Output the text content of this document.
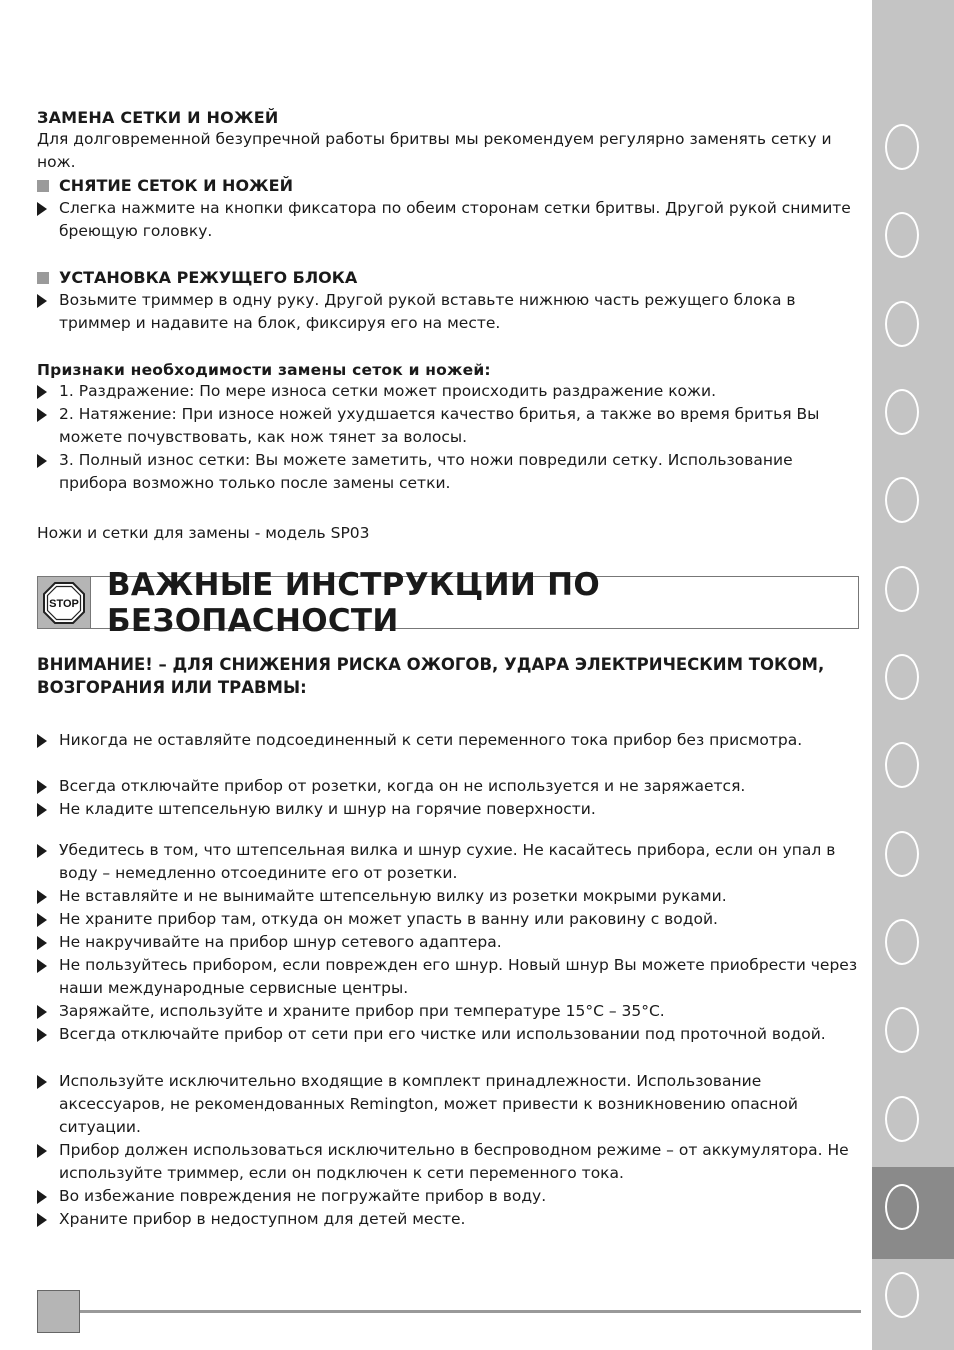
ЗАМЕНА СЕТКИ И НОЖЕЙ

Для долговременной безупречной работы бритвы мы рекомендуем регулярно заменять сетку и нож.

СНЯТИЕ СЕТОК И НОЖЕЙ
Слегка нажмите на кнопки фиксатора по обеим сторонам сетки бритвы. Другой рукой снимите бреющую головку.
УСТАНОВКА РЕЖУЩЕГО БЛОКА
Возьмите триммер в одну руку. Другой рукой вставьте нижнюю часть режущего блока в триммер и надавите на блок, фиксируя его на месте.

Признаки необходимости замены сеток и ножей:

1. Раздражение: По мере износа сетки может происходить раздражение кожи.
2. Натяжение: При износе ножей ухудшается качество бритья, а также во время бритья Вы можете почувствовать, как нож тянет за волосы.
3. Полный износ сетки: Вы можете заметить, что ножи повредили сетку. Использование прибора возможно только после замены сетки.

Ножи и сетки для замены - модель SP03

ВНИМАНИЕ! – ДЛЯ СНИЖЕНИЯ РИСКА ОЖОГОВ, УДАРА ЭЛЕКТРИЧЕСКИМ ТОКОМ, ВОЗГОРАНИЯ ИЛИ ТРАВМЫ:
Никогда не оставляйте подсоединенный к сети переменного тока прибор без присмотра.
Всегда отключайте прибор от розетки, когда он не используется и не заряжается.
Не кладите штепсельную вилку и шнур на горячие поверхности.
Убедитесь в том, что штепсельная вилка и шнур сухие. Не касайтесь прибора, если он упал в воду – немедленно отсоедините его от розетки.
Не вставляйте и не вынимайте штепсельную вилку из розетки мокрыми руками.
Не храните прибор там, откуда он может упасть в ванну или раковину с водой.
Не накручивайте на прибор шнур сетевого адаптера.
Не пользуйтесь прибором, если поврежден его шнур. Новый шнур Вы можете приобрести через наши международные сервисные центры.
Заряжайте, используйте и храните прибор при температуре 15°C – 35°C.
Всегда отключайте прибор от сети при его чистке или использовании под проточной водой.
Используйте исключительно входящие в комплект принадлежности. Использование аксессуаров, не рекомендованных Remington, может привести к возникновению опасной ситуации.
Прибор должен использоваться исключительно в беспроводном режиме – от аккумулятора. Не используйте триммер, если он подключен к сети переменного тока.
Во избежание повреждения не погружайте прибор в воду.
Храните прибор в недоступном для детей месте.
STOP
ВАЖНЫЕ ИНСТРУКЦИИ ПО БЕЗОПАСНОСТИ
